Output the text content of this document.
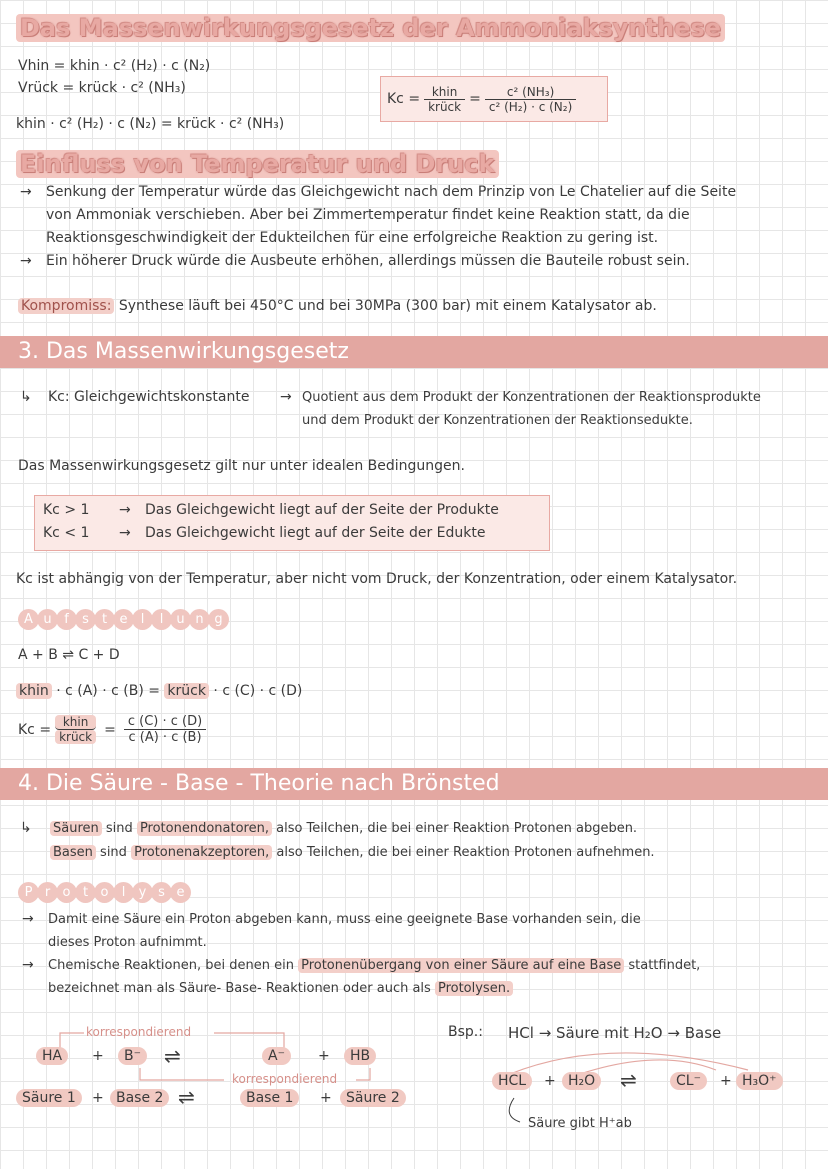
Das Massenwirkungsgesetz der Ammoniaksynthese
Vhin = khin · c² (H₂) · c (N₂)
Vrück = krück · c² (NH₃)
khin · c² (H₂) · c (N₂) = krück · c² (NH₃)
$Kc = \frac{\text{khin}}{\text{krück}} = \frac{\text{c² (NH₃)}}{\text{c² (H₂) · c (N₂)}}$
Einfluss von Temperatur und Druck
→ Senkung der Temperatur würde das Gleichgewicht nach dem Prinzip von Le Chatelier auf die Seite
von Ammoniak verschieben. Aber bei Zimmertemperatur findet keine Reaktion statt, da die
Reaktionsgeschwindigkeit der Edukteilchen für eine erfolgreiche Reaktion zu gering ist.
→ Ein höherer Druck würde die Ausbeute erhöhen, allerdings müssen die Bauteile robust sein.
Kompromiss: Synthese läuft bei 450°C und bei 30MPa (300 bar) mit einem Katalysator ab.
3. Das Massenwirkungsgesetz
↳ Kc: Gleichgewichtskonstante → Quotient aus dem Produkt der Konzentrationen der Reaktionsprodukte
und dem Produkt der Konzentrationen der Reaktionsedukte.
Das Massenwirkungsgesetz gilt nur unter idealen Bedingungen.
Kc > 1 → Das Gleichgewicht liegt auf der Seite der Produkte
Kc < 1 → Das Gleichgewicht liegt auf der Seite der Edukte
Kc ist abhängig von der Temperatur, aber nicht vom Druck, der Konzentration, oder einem Katalysator.
A u f s t e l l u n g
A + B ⇌ C + D
khin · c (A) · c (B) = krück · c (C) · c (D)
$Kc = \frac{\text{khin}}{\text{krück}} = \frac{c (C) \cdot c (D)}{c (A) \cdot c (B)}$
4. Die Säure - Base - Theorie nach Brönsted
↳ Säuren sind Protonendonatoren, also Teilchen, die bei einer Reaktion Protonen abgeben.
Basen sind Protonenakzeptoren, also Teilchen, die bei einer Reaktion Protonen aufnehmen.
P r o t o l y s e
→ Damit eine Säure ein Proton abgeben kann, muss eine geeignete Base vorhanden sein, die
dieses Proton aufnimmt.
→ Chemische Reaktionen, bei denen ein Protonenübergang von einer Säure auf eine Base stattfindet,
bezeichnet man als Säure- Base- Reaktionen oder auch als Protolysen.
korrespondierend
korrespondierend
HA	+	B⁻	⇌	A⁻	+	HB
Säure 1	+ Base 2 ⇌	Base 1	+	Säure 2
Bsp.: HCl → Säure mit H₂O → Base
HCL	+ H₂O	⇌	CL⁻	+ H₃O⁺
Säure gibt H⁺ab
